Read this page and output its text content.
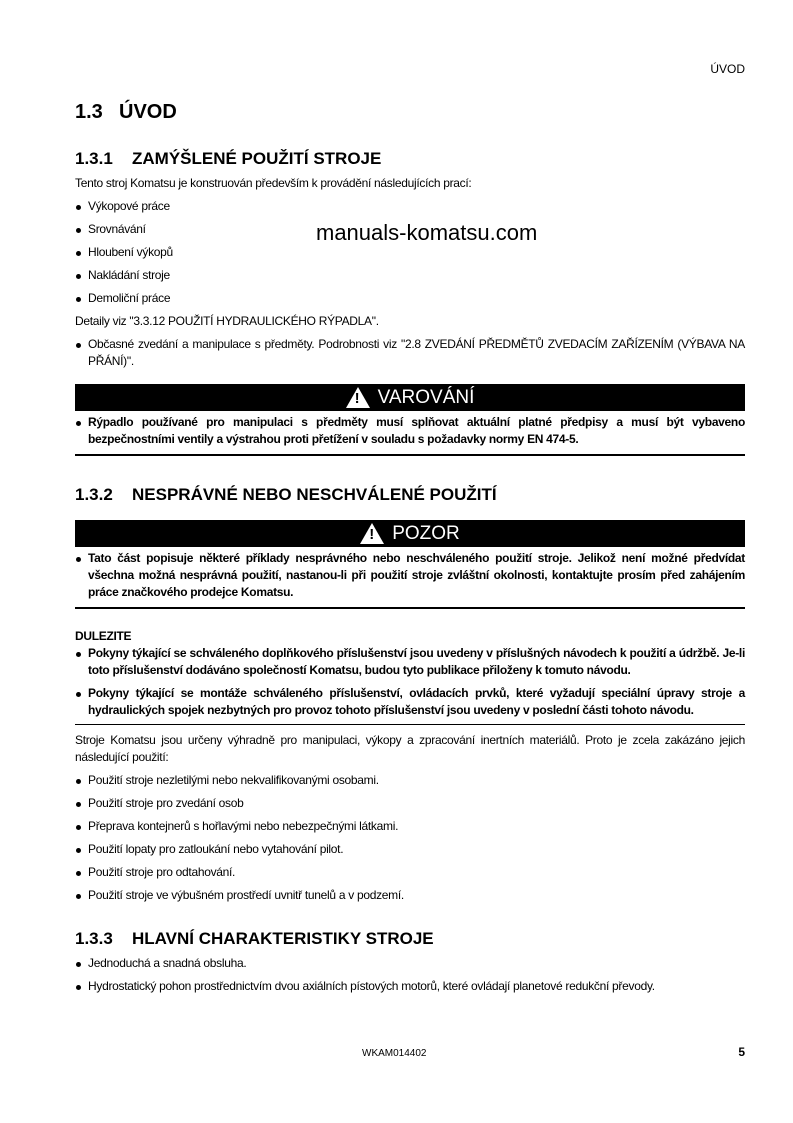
ÚVOD
manuals-komatsu.com
1.3 ÚVOD
1.3.1 ZAMÝŠLENÉ POUŽITÍ STROJE
Tento stroj Komatsu je konstruován především k provádění následujících prací:
Výkopové práce
Srovnávání
Hloubení výkopů
Nakládání stroje
Demoliční práce
Detaily viz "3.3.12 POUŽITÍ HYDRAULICKÉHO RÝPADLA".
Občasné zvedání a manipulace s předměty. Podrobnosti viz "2.8 ZVEDÁNÍ PŘEDMĚTŮ ZVEDACÍM ZAŘÍZENÍM (VÝBAVA NA PŘÁNÍ)".
!
VAROVÁNÍ
Rýpadlo používané pro manipulaci s předměty musí splňovat aktuální platné předpisy a musí být vybaveno bezpečnostními ventily a výstrahou proti přetížení v souladu s požadavky normy EN 474-5.
1.3.2 NESPRÁVNÉ NEBO NESCHVÁLENÉ POUŽITÍ
!
POZOR
Tato část popisuje některé příklady nesprávného nebo neschváleného použití stroje. Jelikož není možné předvídat všechna možná nesprávná použití, nastanou-li při použití stroje zvláštní okolnosti, kontaktujte prosím před zahájením práce značkového prodejce Komatsu.
DULEZITE
Pokyny týkající se schváleného doplňkového příslušenství jsou uvedeny v příslušných návodech k použití a údržbě. Je-li toto příslušenství dodáváno společností Komatsu, budou tyto publikace přiloženy k tomuto návodu.
Pokyny týkající se montáže schváleného příslušenství, ovládacích prvků, které vyžadují speciální úpravy stroje a hydraulických spojek nezbytných pro provoz tohoto příslušenství jsou uvedeny v poslední části tohoto návodu.
Stroje Komatsu jsou určeny výhradně pro manipulaci, výkopy a zpracování inertních materiálů. Proto je zcela zakázáno jejich následující použití:
Použití stroje nezletilými nebo nekvalifikovanými osobami.
Použití stroje pro zvedání osob
Přeprava kontejnerů s hořlavými nebo nebezpečnými látkami.
Použití lopaty pro zatloukání nebo vytahování pilot.
Použití stroje pro odtahování.
Použití stroje ve výbušném prostředí uvnitř tunelů a v podzemí.
1.3.3 HLAVNÍ CHARAKTERISTIKY STROJE
Jednoduchá a snadná obsluha.
Hydrostatický pohon prostřednictvím dvou axiálních pístových motorů, které ovládají planetové redukční převody.
WKAM014402	5
